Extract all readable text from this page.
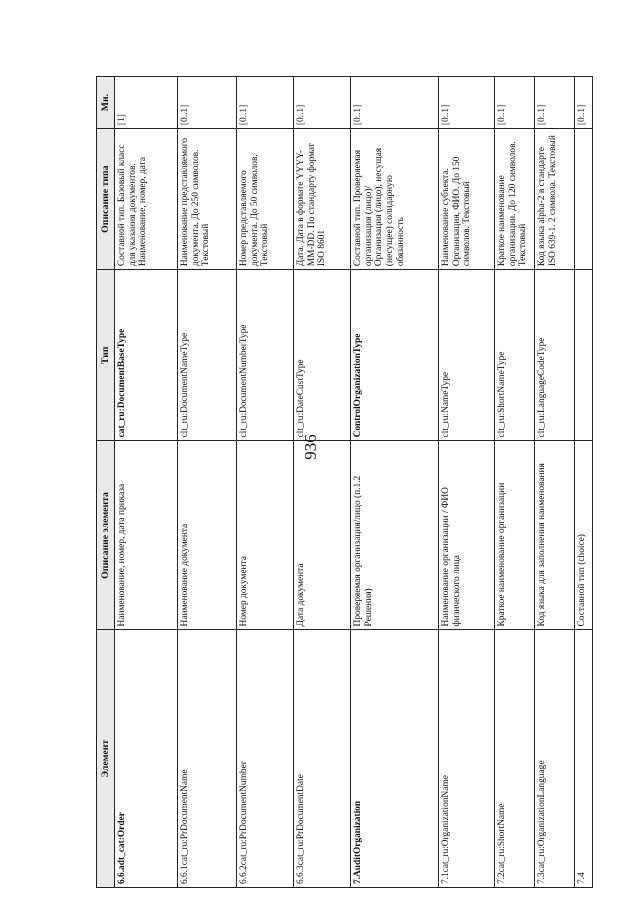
936
Элемент	Описание элемента	Тип	Описание типа	Мн.
6.6.adt_cat:Order	Наименование, номер, дата приказа	cat_ru:DocumentBaseType	Составной тип. Базовый класс для указания документов. Наименование, номер, дата	[1]
6.6.1cat_ru:PrDocumentName	Наименование документа	clt_ru:DocumentNameType	Наименование представляемого документа. До 250 символов. Текстовый	[0..1]
6.6.2cat_ru:PrDocumentNumber	Номер документа	clt_ru:DocumentNumberType	Номер представляемого документа. До 50 символов. Текстовый	[0..1]
6.6.3cat_ru:PrDocumentDate	Дата документа	clt_ru:DateCustType	Дата. Дата в формате YYYY-MM-DD. По стандарту формат ISO 8601	[0..1]
7.AuditOrganization	Проверяемая организация/лицо (п.1.2 Решения)	ControlOrganizationType	Составной тип. Проверяемая организация (лицо)/ Организация (лицо), несущая (несущее) солидарную обязанность	[0..1]
7.1cat_ru:OrganizationName	Наименование организации / ФИО физического лица	clt_ru:NameType	Наименование субъекта. Организация, ФИО. До 150 символов. Текстовый	[0..1]
7.2cat_ru:ShortName	Краткое наименование организации	clt_ru:ShortNameType	Краткое наименование организации. До 120 символов. Текстовый	[0..1]
7.3cat_ru:OrganizationLanguage	Код языка для заполнения наименования	clt_ru:LanguageCodeType	Код языка alpha-2 в стандарте ISO 639-1. 2 символа. Текстовый	[0..1]
7.4	Составной тип (choice)			[0..1]
